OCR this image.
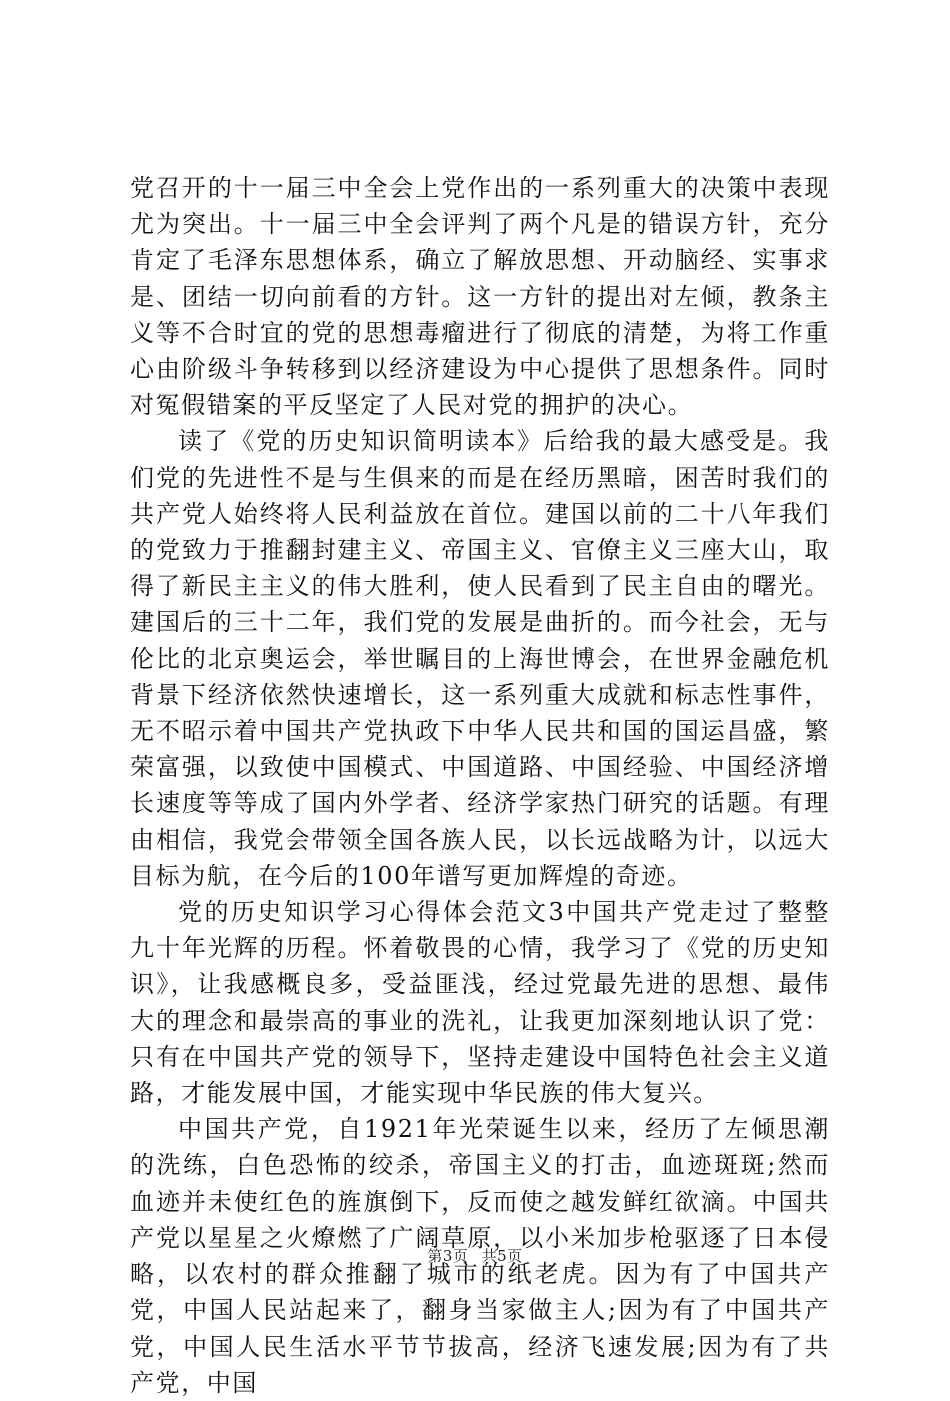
党召开的十一届三中全会上党作出的一系列重大的决策中表现尤为突出。十一届三中全会评判了两个凡是的错误方针，充分肯定了毛泽东思想体系，确立了解放思想、开动脑经、实事求是、团结一切向前看的方针。这一方针的提出对左倾，教条主义等不合时宜的党的思想毒瘤进行了彻底的清楚，为将工作重心由阶级斗争转移到以经济建设为中心提供了思想条件。同时对冤假错案的平反坚定了人民对党的拥护的决心。

读了《党的历史知识简明读本》后给我的最大感受是。我们党的先进性不是与生俱来的而是在经历黑暗，困苦时我们的共产党人始终将人民利益放在首位。建国以前的二十八年我们的党致力于推翻封建主义、帝国主义、官僚主义三座大山，取得了新民主主义的伟大胜利，使人民看到了民主自由的曙光。建国后的三十二年，我们党的发展是曲折的。而今社会，无与伦比的北京奥运会，举世瞩目的上海世博会，在世界金融危机背景下经济依然快速增长，这一系列重大成就和标志性事件，无不昭示着中国共产党执政下中华人民共和国的国运昌盛，繁荣富强，以致使中国模式、中国道路、中国经验、中国经济增长速度等等成了国内外学者、经济学家热门研究的话题。有理由相信，我党会带领全国各族人民，以长远战略为计，以远大目标为航，在今后的100年谱写更加辉煌的奇迹。

党的历史知识学习心得体会范文3中国共产党走过了整整九十年光辉的历程。怀着敬畏的心情，我学习了《党的历史知识》，让我感概良多，受益匪浅，经过党最先进的思想、最伟大的理念和最崇高的事业的洗礼，让我更加深刻地认识了党：只有在中国共产党的领导下，坚持走建设中国特色社会主义道路，才能发展中国，才能实现中华民族的伟大复兴。

中国共产党，自1921年光荣诞生以来，经历了左倾思潮的洗练，白色恐怖的绞杀，帝国主义的打击，血迹斑斑;然而血迹并未使红色的旌旗倒下，反而使之越发鲜红欲滴。中国共产党以星星之火燎燃了广阔草原，以小米加步枪驱逐了日本侵略，以农村的群众推翻了城市的纸老虎。因为有了中国共产党，中国人民站起来了，翻身当家做主人;因为有了中国共产党，中国人民生活水平节节拔高，经济飞速发展;因为有了共产党，中国

第3页 共5页
